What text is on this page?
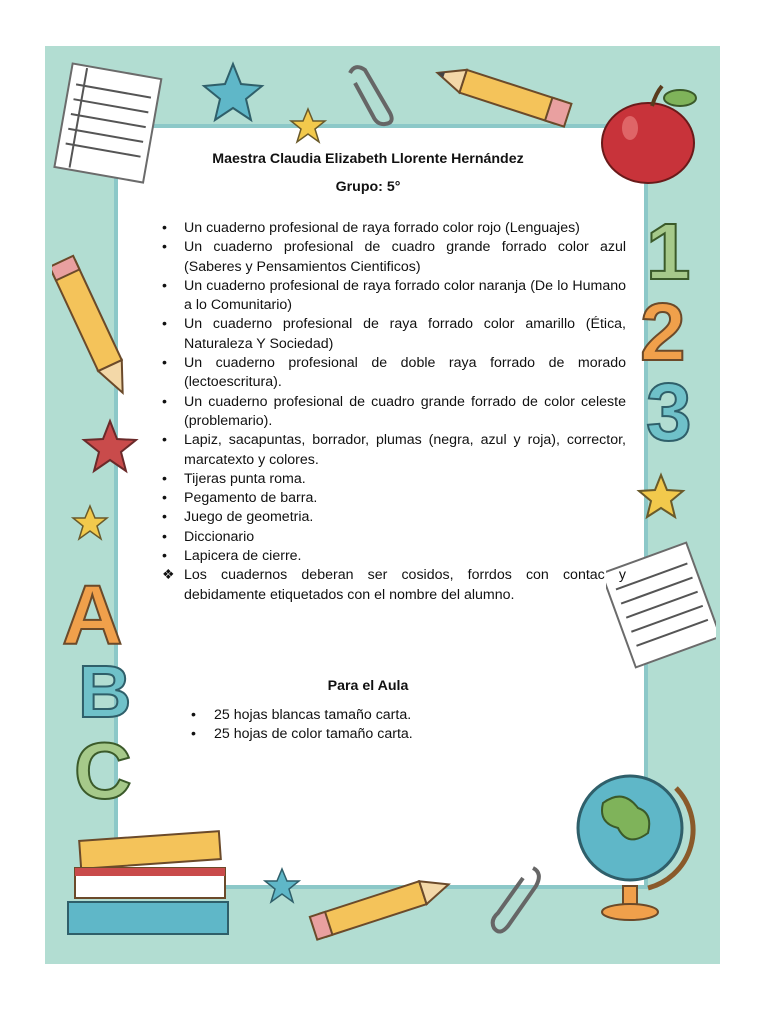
A
B
C
1
2
3
Maestra Claudia Elizabeth Llorente Hernández
Grupo: 5°
• Un cuaderno profesional de raya forrado color rojo (Lenguajes)
• Un cuaderno profesional de cuadro grande forrado color azul (Saberes y Pensamientos Cientificos)
• Un cuaderno profesional de raya forrado color naranja (De lo Humano a lo Comunitario)
• Un cuaderno profesional de raya forrado color amarillo (Ética, Naturaleza Y Sociedad)
• Un cuaderno profesional de doble raya forrado de morado (lectoescritura).
• Un cuaderno profesional de cuadro grande forrado de color celeste (problemario).
• Lapiz, sacapuntas, borrador, plumas (negra, azul y roja), corrector, marcatexto y colores.
• Tijeras punta roma.
• Pegamento de barra.
• Juego de geometria.
• Diccionario
• Lapicera de cierre.
❖ Los cuadernos deberan ser cosidos, forrdos con contac y debidamente etiquetados con el nombre del alumno.
Para el Aula
• 25 hojas blancas tamaño carta.
• 25 hojas de color tamaño carta.
